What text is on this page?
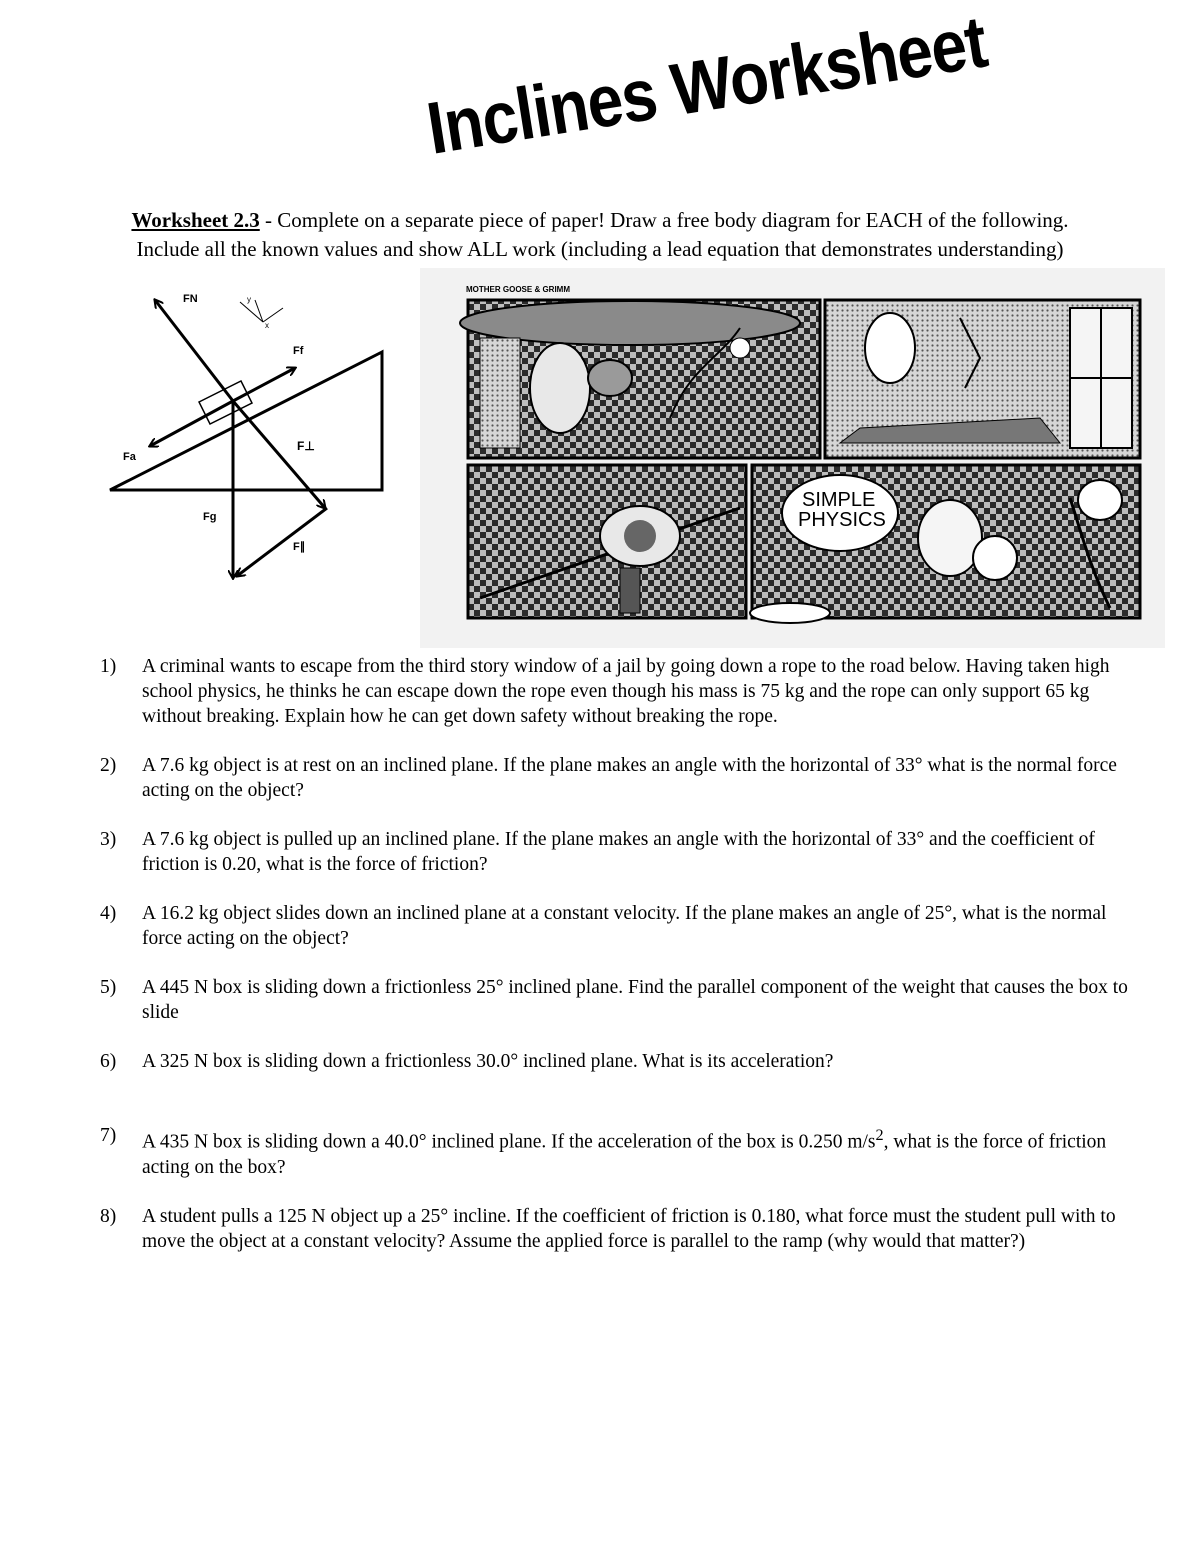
Inclines Worksheet
Worksheet 2.3 - Complete on a separate piece of paper! Draw a free body diagram for EACH of the following.
Include all the known values and show ALL work (including a lead equation that demonstrates understanding)
y
x
FN
Ff
Fa
F⊥
Fg
F∥
MOTHER GOOSE & GRIMM
SIMPLE
PHYSICS
1) A criminal wants to escape from the third story window of a jail by going down a rope to the road below. Having taken high school physics, he thinks he can escape down the rope even though his mass is 75 kg and the rope can only support 65 kg without breaking. Explain how he can get down safety without breaking the rope.
2) A 7.6 kg object is at rest on an inclined plane. If the plane makes an angle with the horizontal of 33° what is the normal force acting on the object?
3) A 7.6 kg object is pulled up an inclined plane. If the plane makes an angle with the horizontal of 33° and the coefficient of friction is 0.20, what is the force of friction?
4) A 16.2 kg object slides down an inclined plane at a constant velocity. If the plane makes an angle of 25°, what is the normal force acting on the object?
5) A 445 N box is sliding down a frictionless 25° inclined plane. Find the parallel component of the weight that causes the box to slide
6) A 325 N box is sliding down a frictionless 30.0° inclined plane. What is its acceleration?
7) A 435 N box is sliding down a 40.0° inclined plane. If the acceleration of the box is 0.250 $m/s^2$, what is the force of friction acting on the box?
8) A student pulls a 125 N object up a 25° incline. If the coefficient of friction is 0.180, what force must the student pull with to move the object at a constant velocity? Assume the applied force is parallel to the ramp (why would that matter?)
